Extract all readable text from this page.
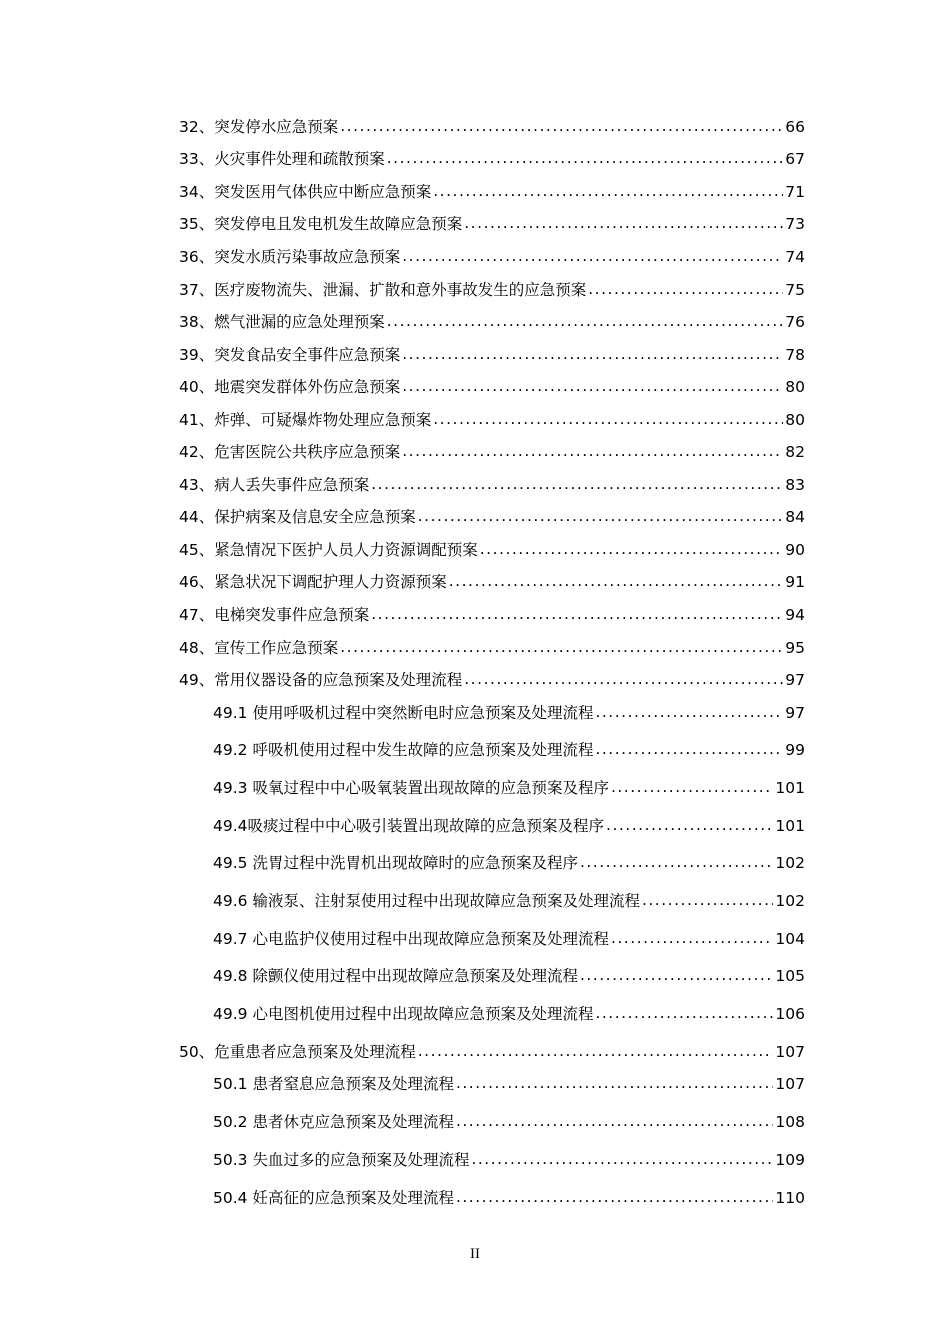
32、突发停水应急预案 .....	66
33、火灾事件处理和疏散预案 .....	67
34、突发医用气体供应中断应急预案 .....	71
35、突发停电且发电机发生故障应急预案 .....	73
36、突发水质污染事故应急预案 .....	74
37、医疗废物流失、泄漏、扩散和意外事故发生的应急预案 .....	75
38、燃气泄漏的应急处理预案 .....	76
39、突发食品安全事件应急预案 .....	78
40、地震突发群体外伤应急预案 .....	80
41、炸弹、可疑爆炸物处理应急预案 .....	80
42、危害医院公共秩序应急预案 .....	82
43、病人丢失事件应急预案 .....	83
44、保护病案及信息安全应急预案 .....	84
45、紧急情况下医护人员人力资源调配预案 .....	90
46、紧急状况下调配护理人力资源预案 .....	91
47、电梯突发事件应急预案 .....	94
48、宣传工作应急预案 .....	95
49、常用仪器设备的应急预案及处理流程 .....	97
49.1 使用呼吸机过程中突然断电时应急预案及处理流程 .....	97
49.2 呼吸机使用过程中发生故障的应急预案及处理流程 .....	99
49.3 吸氧过程中中心吸氧装置出现故障的应急预案及程序 .....	101
49.4吸痰过程中中心吸引装置出现故障的应急预案及程序 .....	101
49.5 洗胃过程中洗胃机出现故障时的应急预案及程序 .....	102
49.6 输液泵、注射泵使用过程中出现故障应急预案及处理流程 .....	102
49.7 心电监护仪使用过程中出现故障应急预案及处理流程 .....	104
49.8 除颤仪使用过程中出现故障应急预案及处理流程 .....	105
49.9 心电图机使用过程中出现故障应急预案及处理流程 .....	106
50、危重患者应急预案及处理流程 .....	107
50.1 患者窒息应急预案及处理流程 .....	107
50.2 患者休克应急预案及处理流程 .....	108
50.3 失血过多的应急预案及处理流程 .....	109
50.4 妊高征的应急预案及处理流程 .....	110
II
